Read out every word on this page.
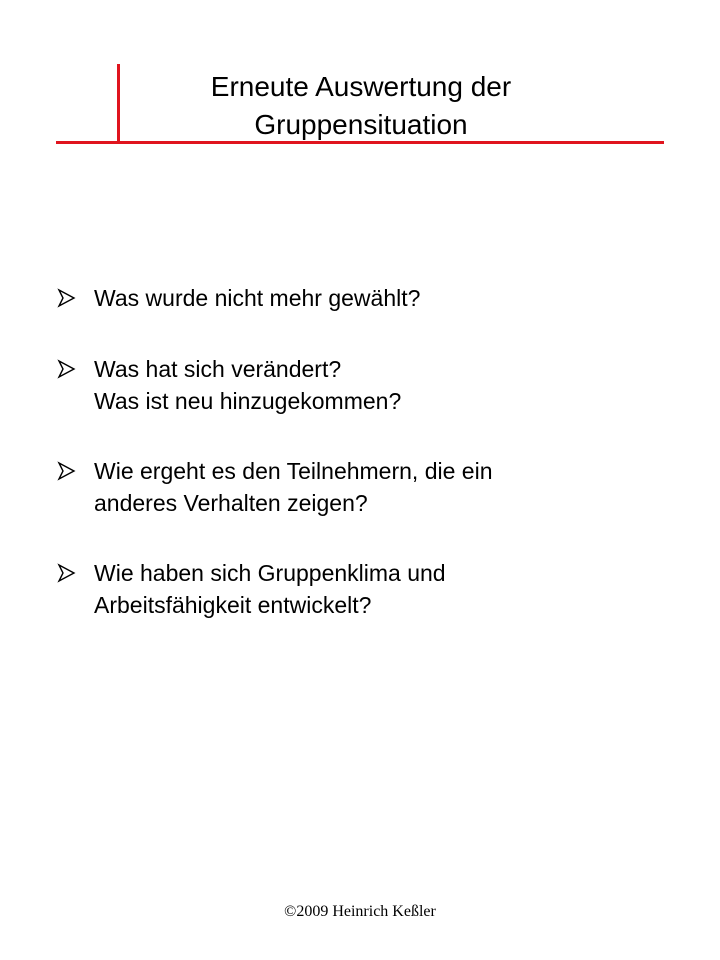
Erneute Auswertung der
Gruppensituation
Was wurde nicht mehr gewählt?
Was hat sich verändert?
Was ist neu hinzugekommen?
Wie ergeht es den Teilnehmern, die ein
anderes Verhalten zeigen?
Wie haben sich Gruppenklima und
Arbeitsfähigkeit entwickelt?
©2009 Heinrich Keßler
